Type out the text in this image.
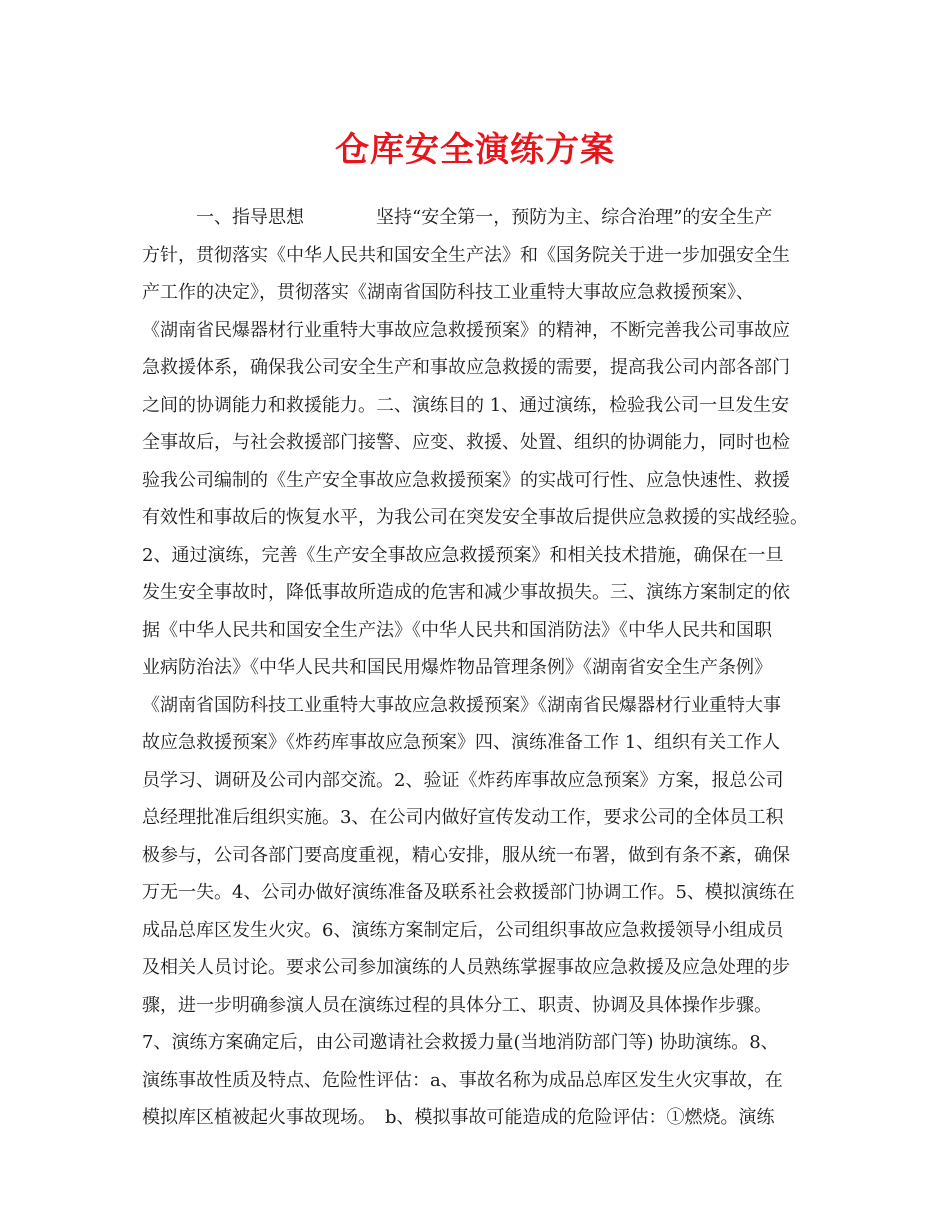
仓库安全演练方案
　　　一、指导思想　　　　坚持“安全第一，预防为主、综合治理”的安全生产
方针，贯彻落实《中华人民共和国安全生产法》和《国务院关于进一步加强安全生
产工作的决定》，贯彻落实《湖南省国防科技工业重特大事故应急救援预案》、
《湖南省民爆器材行业重特大事故应急救援预案》的精神，不断完善我公司事故应
急救援体系，确保我公司安全生产和事故应急救援的需要，提高我公司内部各部门
之间的协调能力和救援能力。二、演练目的 1、通过演练，检验我公司一旦发生安
全事故后，与社会救援部门接警、应变、救援、处置、组织的协调能力，同时也检
验我公司编制的《生产安全事故应急救援预案》的实战可行性、应急快速性、救援
有效性和事故后的恢复水平，为我公司在突发安全事故后提供应急救援的实战经验。
2、通过演练，完善《生产安全事故应急救援预案》和相关技术措施，确保在一旦
发生安全事故时，降低事故所造成的危害和减少事故损失。三、演练方案制定的依
据《中华人民共和国安全生产法》《中华人民共和国消防法》《中华人民共和国职
业病防治法》《中华人民共和国民用爆炸物品管理条例》《湖南省安全生产条例》
《湖南省国防科技工业重特大事故应急救援预案》《湖南省民爆器材行业重特大事
故应急救援预案》《炸药库事故应急预案》四、演练准备工作 1、组织有关工作人
员学习、调研及公司内部交流。2、验证《炸药库事故应急预案》方案，报总公司
总经理批准后组织实施。3、在公司内做好宣传发动工作，要求公司的全体员工积
极参与，公司各部门要高度重视，精心安排，服从统一布署，做到有条不紊，确保
万无一失。4、公司办做好演练准备及联系社会救援部门协调工作。5、模拟演练在
成品总库区发生火灾。6、演练方案制定后，公司组织事故应急救援领导小组成员
及相关人员讨论。要求公司参加演练的人员熟练掌握事故应急救援及应急处理的步
骤，进一步明确参演人员在演练过程的具体分工、职责、协调及具体操作步骤。
7、演练方案确定后，由公司邀请社会救援力量(当地消防部门等) 协助演练。8、
演练事故性质及特点、危险性评估：a、事故名称为成品总库区发生火灾事故，在
模拟库区植被起火事故现场。　b、模拟事故可能造成的危险评估：①燃烧。演练
